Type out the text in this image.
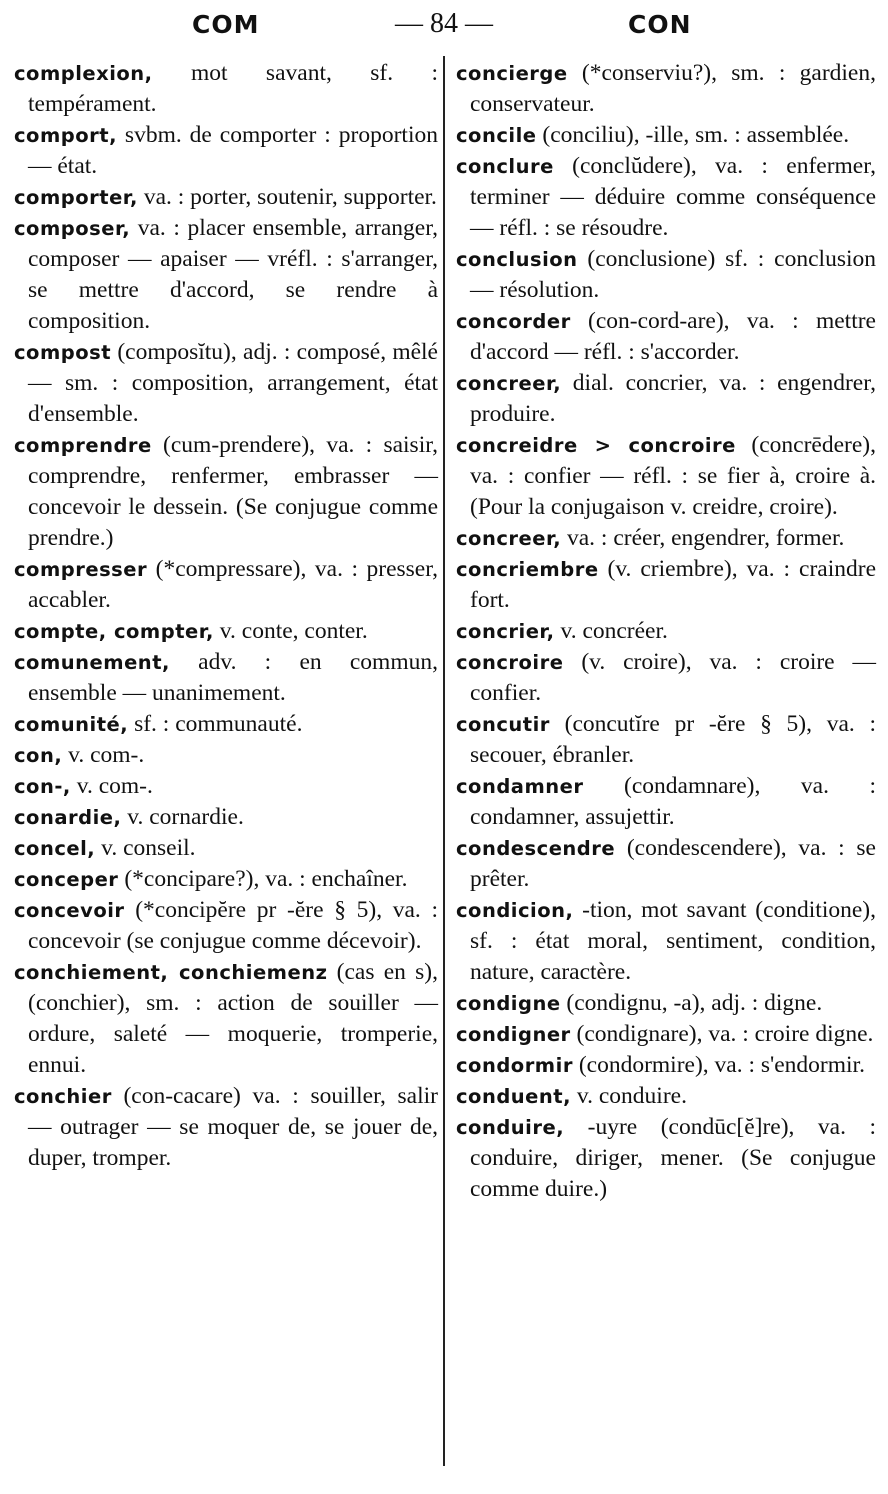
COM	— 84 —	CON

complexion, mot savant, sf. : tempérament.

comport, svbm. de comporter : proportion — état.

comporter, va. : porter, soutenir, supporter.

composer, va. : placer ensemble, arranger, composer — apaiser — vréfl. : s'arranger, se mettre d'accord, se rendre à composition.

compost (composĭtu), adj. : composé, mêlé — sm. : composition, arrangement, état d'ensemble.

comprendre (cum-prendere), va. : saisir, comprendre, renfermer, embrasser — concevoir le dessein. (Se conjugue comme prendre.)

compresser (*compressare), va. : presser, accabler.

compte, compter, v. conte, conter.

comunement, adv. : en commun, ensemble — unanimement.

comunité, sf. : communauté.

con, v. com-.

con-, v. com-.

conardie, v. cornardie.

concel, v. conseil.

conceper (*concipare?), va. : enchaîner.

concevoir (*concipĕre pr -ĕre § 5), va. : concevoir (se conjugue comme décevoir).

conchiement, conchiemenz (cas en s), (conchier), sm. : action de souiller — ordure, saleté — moquerie, tromperie, ennui.

conchier (con-cacare) va. : souiller, salir — outrager — se moquer de, se jouer de, duper, tromper.

concierge (*conserviu?), sm. : gardien, conservateur.

concile (conciliu), -ille, sm. : assemblée.

conclure (conclŭdere), va. : enfermer, terminer — déduire comme conséquence — réfl. : se résoudre.

conclusion (conclusione) sf. : conclusion — résolution.

concorder (con-cord-are), va. : mettre d'accord — réfl. : s'accorder.

concreer, dial. concrier, va. : engendrer, produire.

concreidre > concroire (concrēdere), va. : confier — réfl. : se fier à, croire à. (Pour la conjugaison v. creidre, croire).

concreer, va. : créer, engendrer, former.

concriembre (v. criembre), va. : craindre fort.

concrier, v. concréer.

concroire (v. croire), va. : croire — confier.

concutir (concutĭre pr -ĕre § 5), va. : secouer, ébranler.

condamner (condamnare), va. : condamner, assujettir.

condescendre (condescendere), va. : se prêter.

condicion, -tion, mot savant (conditione), sf. : état moral, sentiment, condition, nature, caractère.

condigne (condignu, -a), adj. : digne.

condigner (condignare), va. : croire digne.

condormir (condormire), va. : s'endormir.

conduent, v. conduire.

conduire, -uyre (condūc[ĕ]re), va. : conduire, diriger, mener. (Se conjugue comme duire.)
